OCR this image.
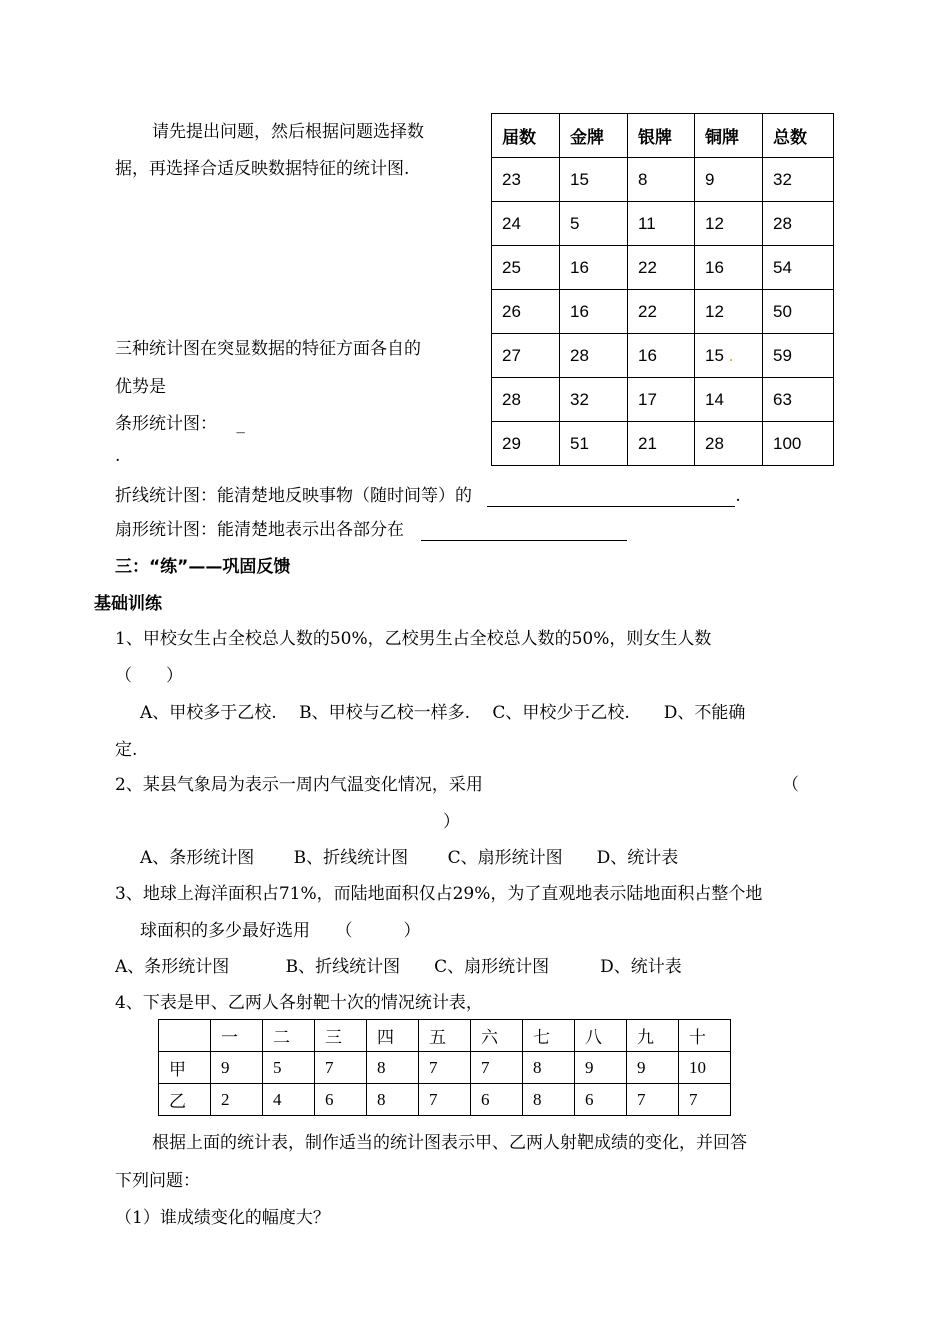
请先提出问题，然后根据问题选择数
据，再选择合适反映数据特征的统计图.
届数	金牌	银牌	铜牌	总数
23	15	8	9	32
24	5	11	12	28
25	16	22	16	54
26	16	22	12	50
27	28	16	15 .	59
28	32	17	14	63
29	51	21	28	100
三种统计图在突显数据的特征方面各自的
优势是
条形统计图： _
.
折线统计图：能清楚地反映事物（随时间等）的	.
扇形统计图：能清楚地表示出各部分在
三：“练”——巩固反馈
基础训练
1、甲校女生占全校总人数的50%，乙校男生占全校总人数的50%，则女生人数
（　　）
A、甲校多于乙校.　 B、甲校与乙校一样多.　 C、甲校少于乙校.　　D、不能确
定.
2、某县气象局为表示一周内气温变化情况，采用	（
）
A、条形统计图　　 B、折线统计图　　 C、扇形统计图　　D、统计表
3、地球上海洋面积占71%，而陆地面积仅占29%，为了直观地表示陆地面积占整个地
球面积的多少最好选用　　（　　　）
A、条形统计图　　　 B、折线统计图　　C、扇形统计图　　　D、统计表
4、下表是甲、乙两人各射靶十次的情况统计表，
	一	二	三	四	五	六	七	八	九	十
甲	9	5	7	8	7	7	8	9	9	10
乙	2	4	6	8	7	6	8	6	7	7
根据上面的统计表，制作适当的统计图表示甲、乙两人射靶成绩的变化，并回答
下列问题：
（1）谁成绩变化的幅度大？
